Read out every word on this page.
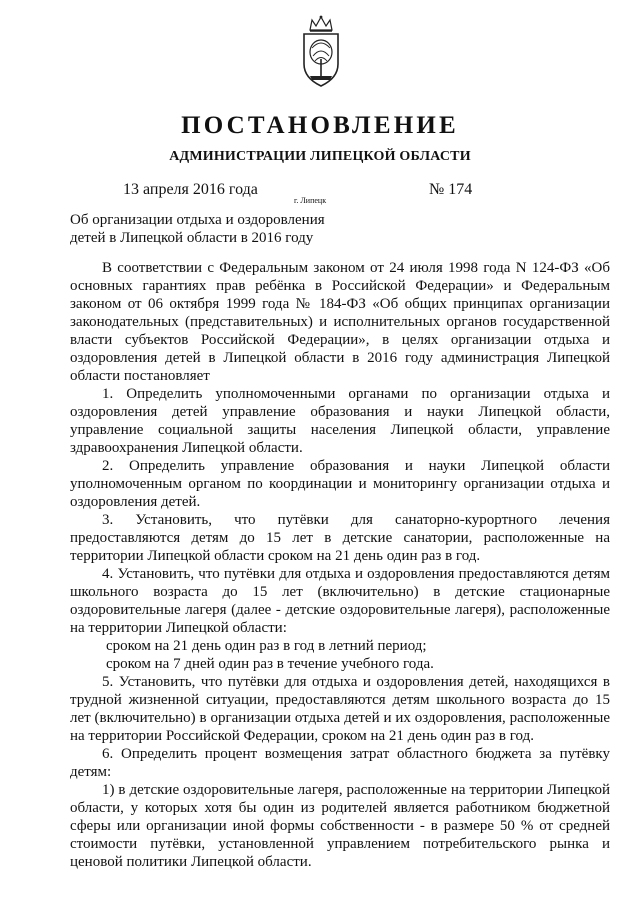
ПОСТАНОВЛЕНИЕ
АДМИНИСТРАЦИИ ЛИПЕЦКОЙ ОБЛАСТИ
13 апреля 2016 года
г. Липецк
№ 174
Об организации отдыха и оздоровления
детей в Липецкой области в 2016 году

В соответствии с Федеральным законом от 24 июля 1998 года N 124-ФЗ «Об основных гарантиях прав ребёнка в Российской Федерации» и Федеральным законом от 06 октября 1999 года № 184-ФЗ «Об общих принципах организации законодательных (представительных) и исполнительных органов государственной власти субъектов Российской Федерации», в целях организации отдыха и оздоровления детей в Липецкой области в 2016 году администрация Липецкой области постановляет

1. Определить уполномоченными органами по организации отдыха и оздоровления детей управление образования и науки Липецкой области, управление социальной защиты населения Липецкой области, управление здравоохранения Липецкой области.

2. Определить управление образования и науки Липецкой области уполномоченным органом по координации и мониторингу организации отдыха и оздоровления детей.

3. Установить, что путёвки для санаторно-курортного лечения предоставляются детям до 15 лет в детские санатории, расположенные на территории Липецкой области сроком на 21 день один раз в год.

4. Установить, что путёвки для отдыха и оздоровления предоставляются детям школьного возраста до 15 лет (включительно) в детские стационарные оздоровительные лагеря (далее - детские оздоровительные лагеря), расположенные на территории Липецкой области:

сроком на 21 день один раз в год в летний период;

сроком на 7 дней один раз в течение учебного года.

5. Установить, что путёвки для отдыха и оздоровления детей, находящихся в трудной жизненной ситуации, предоставляются детям школьного возраста до 15 лет (включительно) в организации отдыха детей и их оздоровления, расположенные на территории Российской Федерации, сроком на 21 день один раз в год.

6. Определить процент возмещения затрат областного бюджета за путёвку детям:

1) в детские оздоровительные лагеря, расположенные на территории Липецкой области, у которых хотя бы один из родителей является работником бюджетной сферы или организации иной формы собственности - в размере 50 % от средней стоимости путёвки, установленной управлением потребительского рынка и ценовой политики Липецкой области.
